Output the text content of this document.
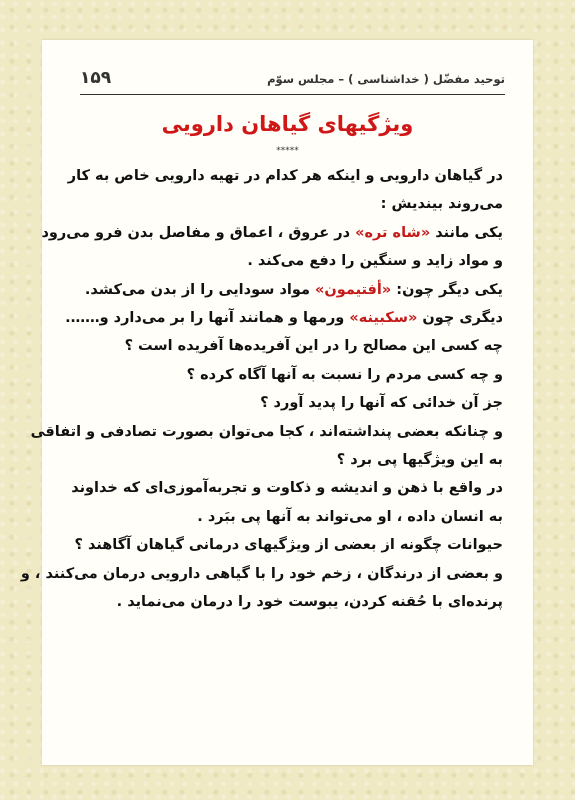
توحید مفضّل ( خداشناسی ) – مجلس سوّم
۱۵۹
ویژگیهای گیاهان دارویی
*****
در گیاهان دارویی و اینکه هر کدام در تهیه دارویی خاص به کار
می‌روند بیندیش :
یکی مانند «شاه تره» در عروق ، اعماق و مفاصل بدن فرو می‌رود
و مواد زاید و سنگین را دفع می‌کند .
یکی دیگر چون: «أفتیمون» مواد سودایی را از بدن می‌کشد.
دیگری چون «سکبینه» ورمها و همانند آنها را بر می‌دارد و…….
چه کسی این مصالح را در این آفریده‌ها آفریده است ؟
و چه کسی مردم را نسبت به آنها آگاه کرده ؟
جز آن خدائی که آنها را پدید آورد ؟
و چنانکه بعضی پنداشته‌اند ، کجا می‌توان بصورت تصادفی و اتفاقی
به این ویژگیها پی برد ؟
در واقع با ذهن و اندیشه و ذکاوت و تجربه‌آموزی‌ای که خداوند
به انسان داده ، او می‌تواند به آنها پی ببَرد .
حیوانات چگونه از بعضی از ویژگیهای درمانی گیاهان آگاهند ؟
و بعضی از درندگان ، زخم خود را با گیاهی دارویی درمان می‌کنند ، و
پرنده‌ای با حُقنه کردن، یبوست خود را درمان می‌نماید .
